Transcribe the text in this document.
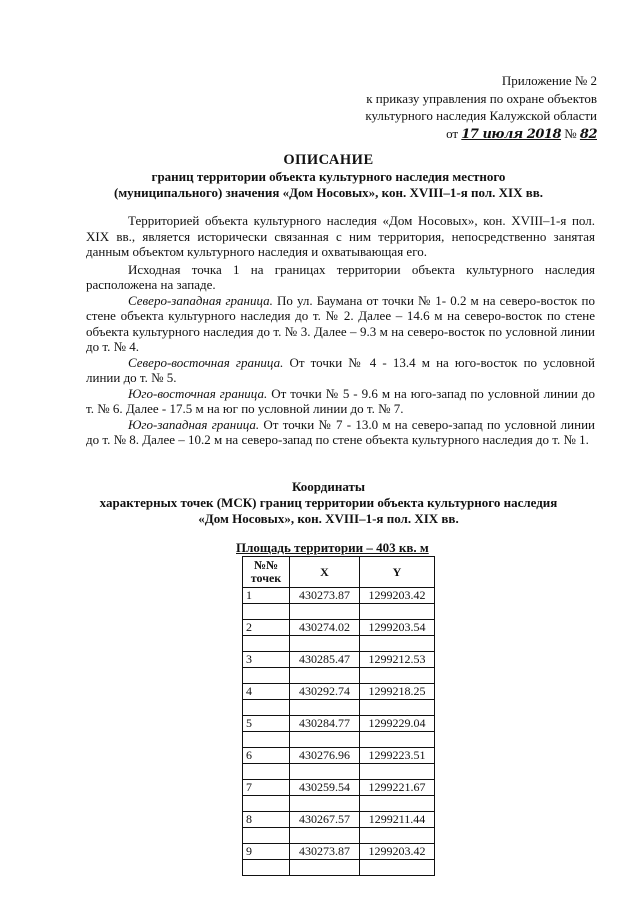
Приложение № 2
к приказу управления по охране объектов
культурного наследия Калужской области
от 17 июля 2018 № 82
ОПИСАНИЕ
границ территории объекта культурного наследия местного
(муниципального) значения «Дом Носовых», кон. XVIII–1-я пол. XIX вв.

Территорией объекта культурного наследия «Дом Носовых», кон. XVIII–1-я пол. XIX вв., является исторически связанная с ним территория, непосредственно занятая данным объектом культурного наследия и охватывающая его.

Исходная точка 1 на границах территории объекта культурного наследия расположена на западе.

Северо-западная граница. По ул. Баумана от точки № 1- 0.2 м на северо-восток по стене объекта культурного наследия до т. № 2. Далее – 14.6 м на северо-восток по стене объекта культурного наследия до т. № 3. Далее – 9.3 м на северо-восток по условной линии до т. № 4.

Северо-восточная граница. От точки № 4 - 13.4 м на юго-восток по условной линии до т. № 5.

Юго-восточная граница. От точки № 5 - 9.6 м на юго-запад по условной линии до т. № 6. Далее - 17.5 м на юг по условной линии до т. № 7.

Юго-западная граница. От точки № 7 - 13.0 м на северо-запад по условной линии до т. № 8. Далее – 10.2 м на северо-запад по стене объекта культурного наследия до т. № 1.

Координаты
характерных точек (МСК) границ территории объекта культурного наследия
«Дом Носовых», кон. XVIII–1-я пол. XIX вв.
Площадь территории – 403 кв. м
№№ точек	X	Y
1	430273.87	1299203.42

2	430274.02	1299203.54

3	430285.47	1299212.53

4	430292.74	1299218.25

5	430284.77	1299229.04

6	430276.96	1299223.51

7	430259.54	1299221.67

8	430267.57	1299211.44

9	430273.87	1299203.42
